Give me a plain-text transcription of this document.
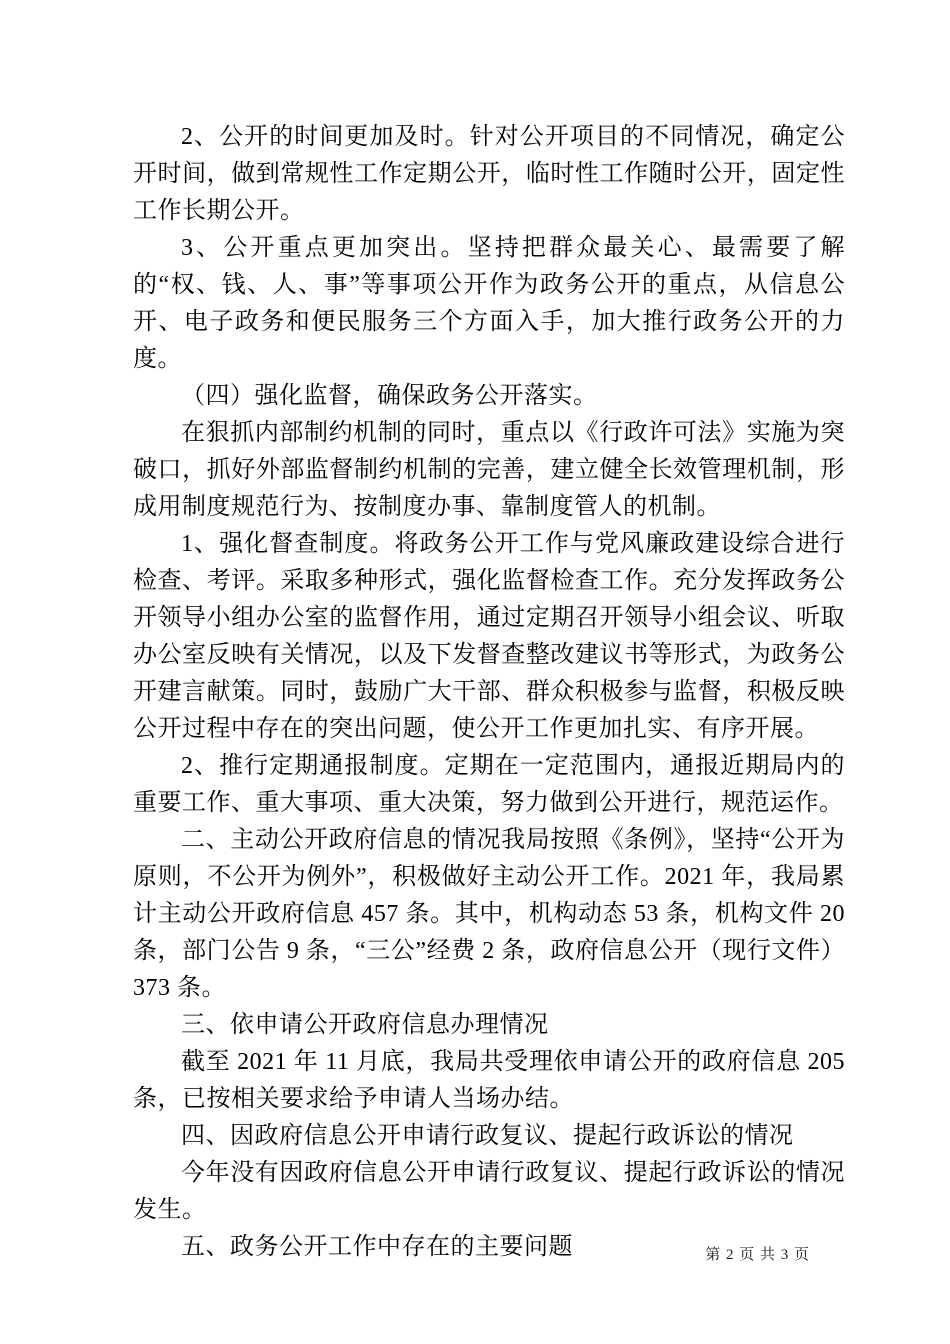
2、公开的时间更加及时。针对公开项目的不同情况，确定公开时间，做到常规性工作定期公开，临时性工作随时公开，固定性工作长期公开。

3、公开重点更加突出。坚持把群众最关心、最需要了解的“权、钱、人、事”等事项公开作为政务公开的重点，从信息公开、电子政务和便民服务三个方面入手，加大推行政务公开的力度。

（四）强化监督，确保政务公开落实。

在狠抓内部制约机制的同时，重点以《行政许可法》实施为突破口，抓好外部监督制约机制的完善，建立健全长效管理机制，形成用制度规范行为、按制度办事、靠制度管人的机制。

1、强化督查制度。将政务公开工作与党风廉政建设综合进行检查、考评。采取多种形式，强化监督检查工作。充分发挥政务公开领导小组办公室的监督作用，通过定期召开领导小组会议、听取办公室反映有关情况，以及下发督查整改建议书等形式，为政务公开建言献策。同时，鼓励广大干部、群众积极参与监督，积极反映公开过程中存在的突出问题，使公开工作更加扎实、有序开展。

2、推行定期通报制度。定期在一定范围内，通报近期局内的重要工作、重大事项、重大决策，努力做到公开进行，规范运作。

二、主动公开政府信息的情况我局按照《条例》，坚持“公开为原则，不公开为例外”，积极做好主动公开工作。2021 年，我局累计主动公开政府信息 457 条。其中，机构动态 53 条，机构文件 20 条，部门公告 9 条，“三公”经费 2 条，政府信息公开（现行文件）373 条。

三、依申请公开政府信息办理情况

截至 2021 年 11 月底，我局共受理依申请公开的政府信息 205 条，已按相关要求给予申请人当场办结。

四、因政府信息公开申请行政复议、提起行政诉讼的情况

今年没有因政府信息公开申请行政复议、提起行政诉讼的情况发生。

五、政务公开工作中存在的主要问题	第 2 页 共 3 页
